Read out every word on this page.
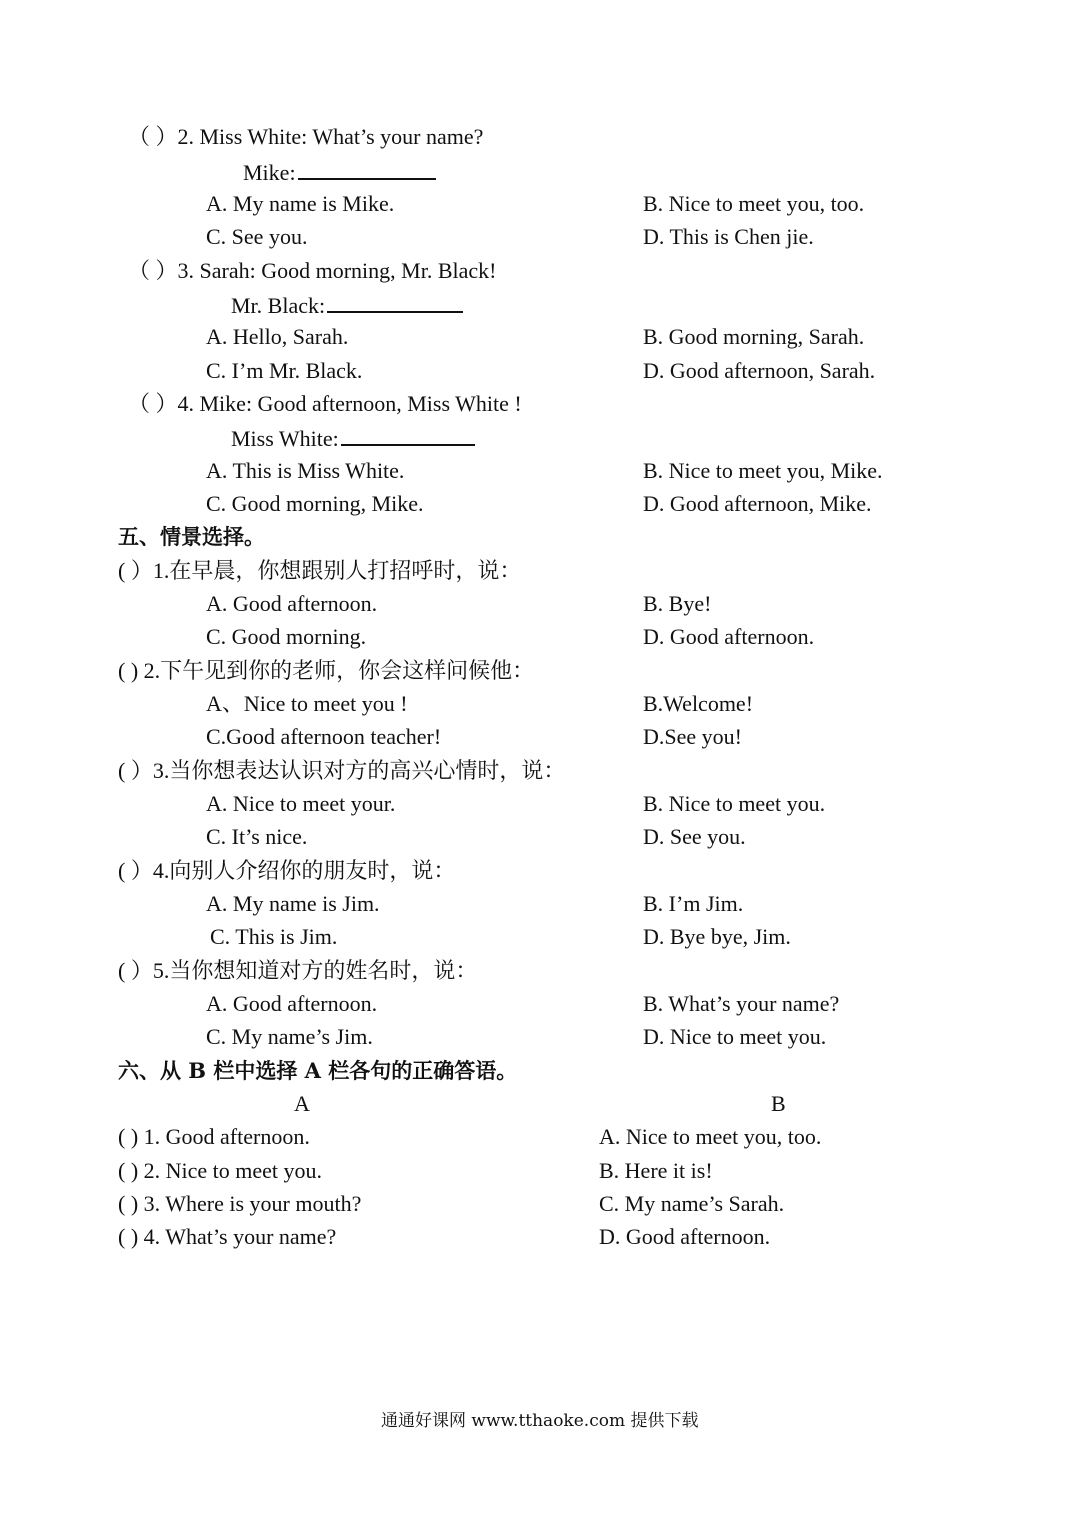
（ ）2. Miss White: What’s your name?
Mike:
A. My name is Mike.	B. Nice to meet you, too.
C. See you.	D. This is Chen jie.
（ ）3. Sarah: Good morning, Mr. Black!
Mr. Black:
A. Hello, Sarah.	B. Good morning, Sarah.
C. I’m Mr. Black.	D. Good afternoon, Sarah.
（ ）4. Mike: Good afternoon, Miss White !
Miss White:
A. This is Miss White.	B. Nice to meet you, Mike.
C. Good morning, Mike.	D. Good afternoon, Mike.
五、情景选择。
( ）1.在早晨，你想跟别人打招呼时，说：
A. Good afternoon.	B. Bye!
C. Good morning.	D. Good afternoon.
( ) 2.下午见到你的老师，你会这样问候他：
A、Nice to meet you !	B.Welcome!
C.Good afternoon teacher!	D.See you!
( ）3.当你想表达认识对方的高兴心情时，说：
A. Nice to meet your.	B. Nice to meet you.
C. It’s nice.	D. See you.
( ）4.向别人介绍你的朋友时，说：
A. My name is Jim.	B. I’m Jim.
C. This is Jim.	D. Bye bye, Jim.
( ）5.当你想知道对方的姓名时，说：
A. Good afternoon.	B. What’s your name?
C. My name’s Jim.	D. Nice to meet you.
六、从 B 栏中选择 A 栏各句的正确答语。
A	B
( ) 1. Good afternoon.	A. Nice to meet you, too.
( ) 2. Nice to meet you.	B. Here it is!
( ) 3. Where is your mouth?	C. My name’s Sarah.
( ) 4. What’s your name?	D. Good afternoon.
通通好课网 www.tthaoke.com 提供下载
